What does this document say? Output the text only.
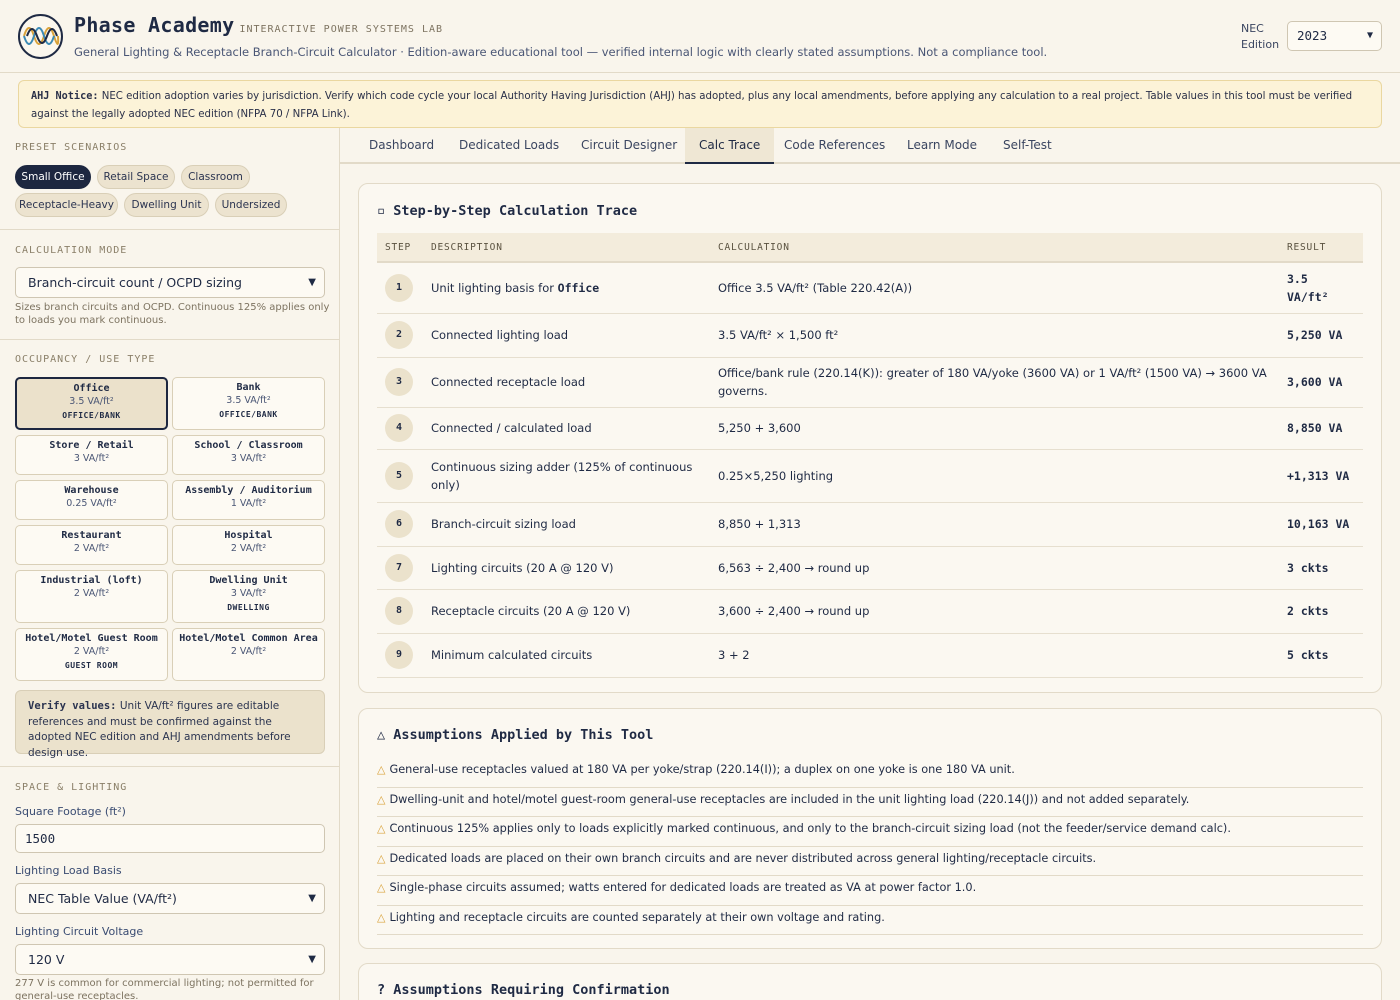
Phase Academy INTERACTIVE POWER SYSTEMS LAB
General Lighting & Receptacle Branch-Circuit Calculator · Edition-aware educational tool — verified internal logic with clearly stated assumptions. Not a compliance tool.
NEC
Edition
2023	▼
AHJ Notice: NEC edition adoption varies by jurisdiction. Verify which code cycle your local Authority Having Jurisdiction (AHJ) has adopted, plus any local amendments, before applying any calculation to a real project. Table values in this tool must be verified against the legally adopted NEC edition (NFPA 70 / NFPA Link).
PRESET SCENARIOS
Small Office	Retail Space	Classroom
Receptacle-Heavy	Dwelling Unit	Undersized
CALCULATION MODE
Branch-circuit count / OCPD sizing	▼
Sizes branch circuits and OCPD. Continuous 125% applies only to loads you mark continuous.
OCCUPANCY / USE TYPE
Office
3.5 VA/ft²
OFFICE/BANK
Bank
3.5 VA/ft²
OFFICE/BANK
Store / Retail
3 VA/ft²
School / Classroom
3 VA/ft²
Warehouse
0.25 VA/ft²
Assembly / Auditorium
1 VA/ft²
Restaurant
2 VA/ft²
Hospital
2 VA/ft²
Industrial (loft)
2 VA/ft²
Dwelling Unit
3 VA/ft²
DWELLING
Hotel/Motel Guest Room
2 VA/ft²
GUEST ROOM
Hotel/Motel Common Area
2 VA/ft²
Verify values: Unit VA/ft² figures are editable references and must be confirmed against the adopted NEC edition and AHJ amendments before design use.
SPACE & LIGHTING
Square Footage (ft²)
1500
Lighting Load Basis
NEC Table Value (VA/ft²)	▼
Lighting Circuit Voltage
120 V	▼
277 V is common for commercial lighting; not permitted for general-use receptacles.
Dashboard	Dedicated Loads	Circuit Designer	Calc Trace	Code References	Learn Mode	Self-Test
▫ Step-by-Step Calculation Trace
STEP	DESCRIPTION	CALCULATION	RESULT
1	Unit lighting basis for Office	Office 3.5 VA/ft² (Table 220.42(A))	3.5 VA/ft²
2	Connected lighting load	3.5 VA/ft² × 1,500 ft²	5,250 VA
3	Connected receptacle load	Office/bank rule (220.14(K)): greater of 180 VA/yoke (3600 VA) or 1 VA/ft² (1500 VA) → 3600 VA governs.	3,600 VA
4	Connected / calculated load	5,250 + 3,600	8,850 VA
5	Continuous sizing adder (125% of continuous only)	0.25×5,250 lighting	+1,313 VA
6	Branch-circuit sizing load	8,850 + 1,313	10,163 VA
7	Lighting circuits (20 A @ 120 V)	6,563 ÷ 2,400 → round up	3 ckts
8	Receptacle circuits (20 A @ 120 V)	3,600 ÷ 2,400 → round up	2 ckts
9	Minimum calculated circuits	3 + 2	5 ckts
△ Assumptions Applied by This Tool
△ General-use receptacles valued at 180 VA per yoke/strap (220.14(I)); a duplex on one yoke is one 180 VA unit.
△ Dwelling-unit and hotel/motel guest-room general-use receptacles are included in the unit lighting load (220.14(J)) and not added separately.
△ Continuous 125% applies only to loads explicitly marked continuous, and only to the branch-circuit sizing load (not the feeder/service demand calc).
△ Dedicated loads are placed on their own branch circuits and are never distributed across general lighting/receptacle circuits.
△ Single-phase circuits assumed; watts entered for dedicated loads are treated as VA at power factor 1.0.
△ Lighting and receptacle circuits are counted separately at their own voltage and rating.
? Assumptions Requiring Confirmation
